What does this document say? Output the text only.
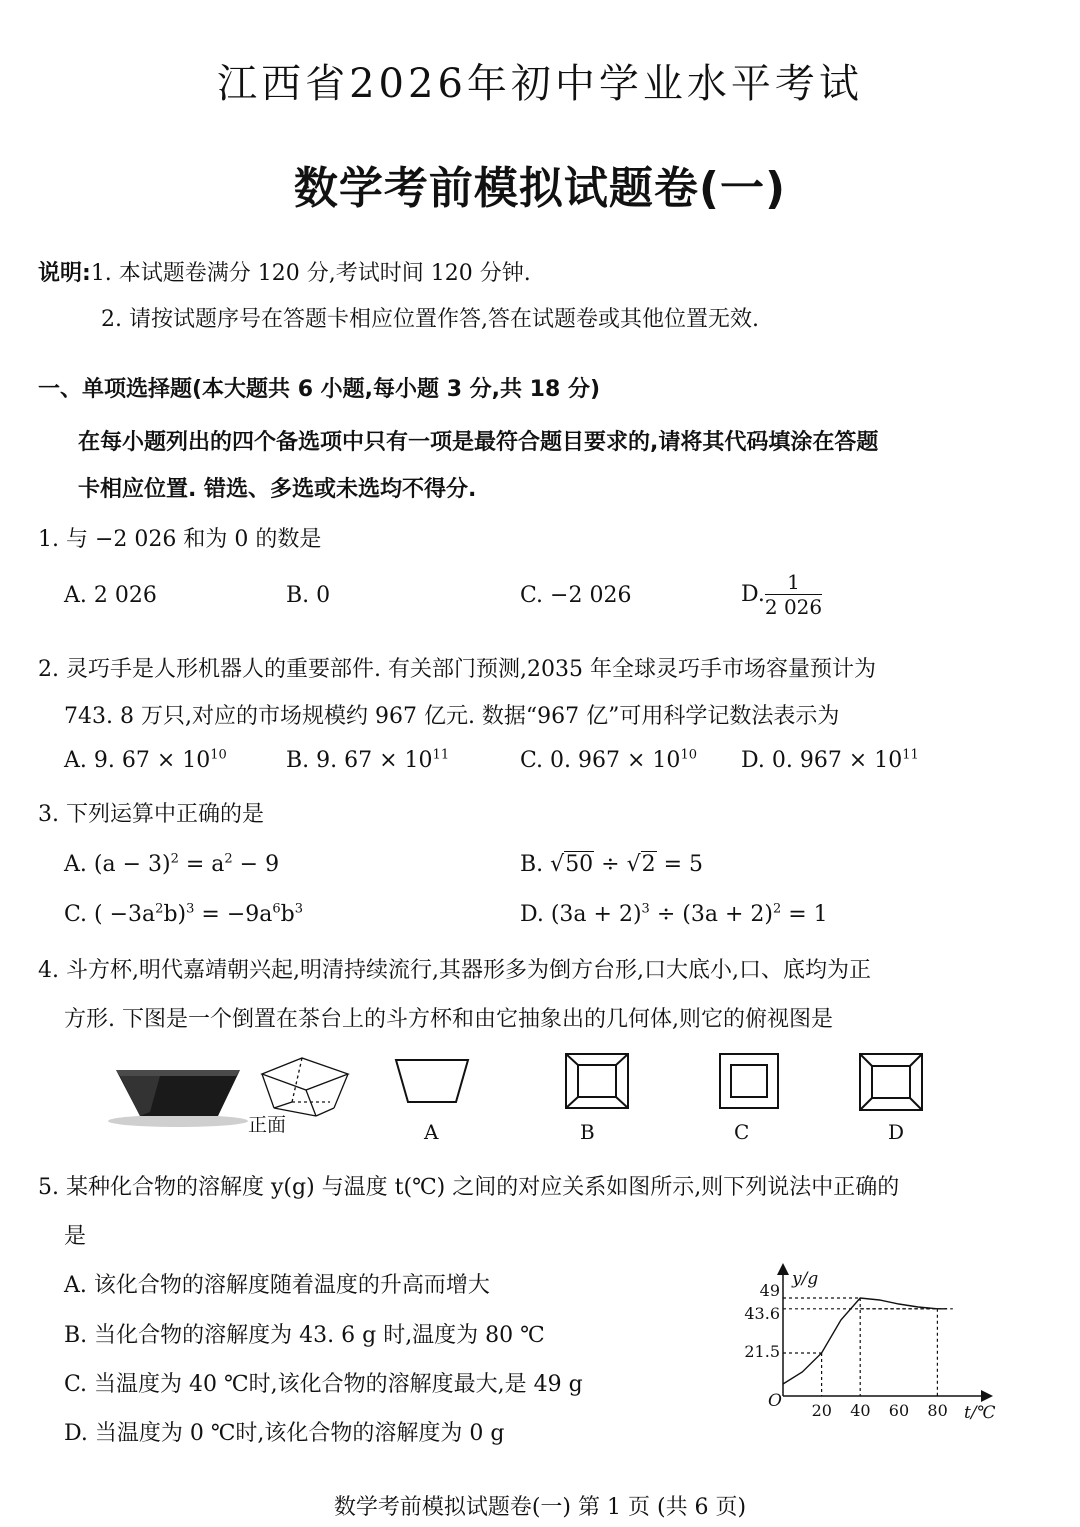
江西省2026年初中学业水平考试
数学考前模拟试题卷(一)
说明:1. 本试题卷满分 120 分,考试时间 120 分钟.
2. 请按试题序号在答题卡相应位置作答,答在试题卷或其他位置无效.
一、单项选择题(本大题共 6 小题,每小题 3 分,共 18 分)
在每小题列出的四个备选项中只有一项是最符合题目要求的,请将其代码填涂在答题
卡相应位置. 错选、多选或未选均不得分.
1. 与 −2 026 和为 0 的数是
A. 2 026	B. 0	C. −2 026	D. $\frac{1}{2 026}$
2. 灵巧手是人形机器人的重要部件. 有关部门预测,2035 年全球灵巧手市场容量预计为
743. 8 万只,对应的市场规模约 967 亿元. 数据“967 亿”可用科学记数法表示为
A. 9. $67 \times 10^{10}$	B. 9. $67 \times 10^{11}$	C. 0. $967 \times 10^{10}$ D. 0. $967 \times 10^{11}$
3. 下列运算中正确的是
A. $(a - 3)^2 = a^2 - 9$	B. √50 ÷ √2 = 5
C. ( $-3a^2b)^3 = -9a^6b^3$	D. $(3a + 2)^3 \div (3a + 2)^2 = 1$
4. 斗方杯,明代嘉靖朝兴起,明清持续流行,其器形多为倒方台形,口大底小,口、底均为正
方形. 下图是一个倒置在茶台上的斗方杯和由它抽象出的几何体,则它的俯视图是
正面	A	B	C	D
5. 某种化合物的溶解度 y(g) 与温度 t(℃) 之间的对应关系如图所示,则下列说法中正确的
是
A. 该化合物的溶解度随着温度的升高而增大
B. 当化合物的溶解度为 43. 6 g 时,温度为 80 ℃
C. 当温度为 40 ℃时,该化合物的溶解度最大,是 49 g
D. 当温度为 0 ℃时,该化合物的溶解度为 0 g
20 40 60 80
21.5
43.6
49
y/g
t/℃
O
数学考前模拟试题卷(一) 第 1 页 (共 6 页)
